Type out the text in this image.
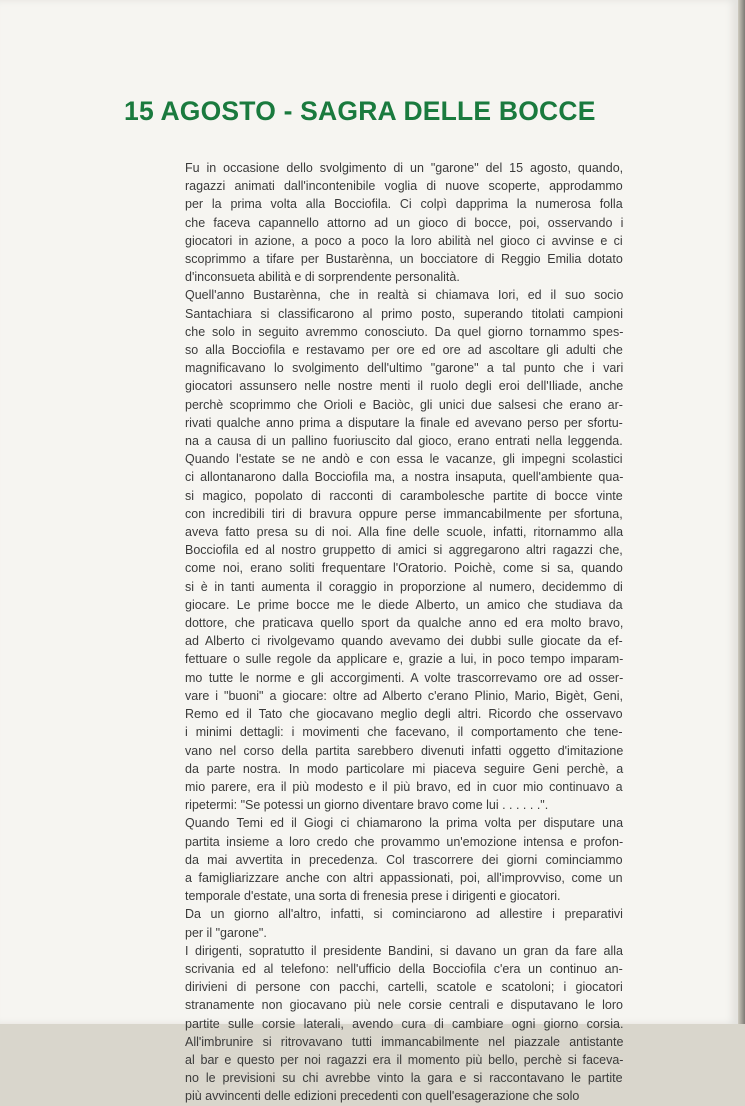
15 AGOSTO - SAGRA DELLE BOCCE

Fu in occasione dello svolgimento di un "garone" del 15 agosto, quando,
ragazzi animati dall'incontenibile voglia di nuove scoperte, approdammo
per la prima volta alla Bocciofila. Ci colpì dapprima la numerosa folla
che faceva capannello attorno ad un gioco di bocce, poi, osservando i
giocatori in azione, a poco a poco la loro abilità nel gioco ci avvinse e ci
scoprimmo a tifare per Bustarènna, un bocciatore di Reggio Emilia dotato
d'inconsueta abilità e di sorprendente personalità.

Quell'anno Bustarènna, che in realtà si chiamava Iori, ed il suo socio
Santachiara si classificarono al primo posto, superando titolati campioni
che solo in seguito avremmo conosciuto. Da quel giorno tornammo spes-
so alla Bocciofila e restavamo per ore ed ore ad ascoltare gli adulti che
magnificavano lo svolgimento dell'ultimo "garone" a tal punto che i vari
giocatori assunsero nelle nostre menti il ruolo degli eroi dell'Iliade, anche
perchè scoprimmo che Orioli e Baciòc, gli unici due salsesi che erano ar-
rivati qualche anno prima a disputare la finale ed avevano perso per sfortu-
na a causa di un pallino fuoriuscito dal gioco, erano entrati nella leggenda.
Quando l'estate se ne andò e con essa le vacanze, gli impegni scolastici
ci allontanarono dalla Bocciofila ma, a nostra insaputa, quell'ambiente qua-
si magico, popolato di racconti di carambolesche partite di bocce vinte
con incredibili tiri di bravura oppure perse immancabilmente per sfortuna,
aveva fatto presa su di noi. Alla fine delle scuole, infatti, ritornammo alla
Bocciofila ed al nostro gruppetto di amici si aggregarono altri ragazzi che,
come noi, erano soliti frequentare l'Oratorio. Poichè, come si sa, quando
si è in tanti aumenta il coraggio in proporzione al numero, decidemmo di
giocare. Le prime bocce me le diede Alberto, un amico che studiava da
dottore, che praticava quello sport da qualche anno ed era molto bravo,
ad Alberto ci rivolgevamo quando avevamo dei dubbi sulle giocate da ef-
fettuare o sulle regole da applicare e, grazie a lui, in poco tempo imparam-
mo tutte le norme e gli accorgimenti. A volte trascorrevamo ore ad osser-
vare i "buoni" a giocare: oltre ad Alberto c'erano Plinio, Mario, Bigèt, Geni,
Remo ed il Tato che giocavano meglio degli altri. Ricordo che osservavo
i minimi dettagli: i movimenti che facevano, il comportamento che tene-
vano nel corso della partita sarebbero divenuti infatti oggetto d'imitazione
da parte nostra. In modo particolare mi piaceva seguire Geni perchè, a
mio parere, era il più modesto e il più bravo, ed in cuor mio continuavo a
ripetermi: "Se potessi un giorno diventare bravo come lui . . . . . .".

Quando Temi ed il Giogi ci chiamarono la prima volta per disputare una
partita insieme a loro credo che provammo un'emozione intensa e profon-
da mai avvertita in precedenza. Col trascorrere dei giorni cominciammo
a famigliarizzare anche con altri appassionati, poi, all'improvviso, come un
temporale d'estate, una sorta di frenesia prese i dirigenti e giocatori.

Da un giorno all'altro, infatti, si cominciarono ad allestire i preparativi
per il "garone".

I dirigenti, sopratutto il presidente Bandini, si davano un gran da fare alla
scrivania ed al telefono: nell'ufficio della Bocciofila c'era un continuo an-
dirivieni di persone con pacchi, cartelli, scatole e scatoloni; i giocatori
stranamente non giocavano più nele corsie centrali e disputavano le loro
partite sulle corsie laterali, avendo cura di cambiare ogni giorno corsia.
All'imbrunire si ritrovavano tutti immancabilmente nel piazzale antistante
al bar e questo per noi ragazzi era il momento più bello, perchè si faceva-
no le previsioni su chi avrebbe vinto la gara e si raccontavano le partite
più avvincenti delle edizioni precedenti con quell'esagerazione che solo
